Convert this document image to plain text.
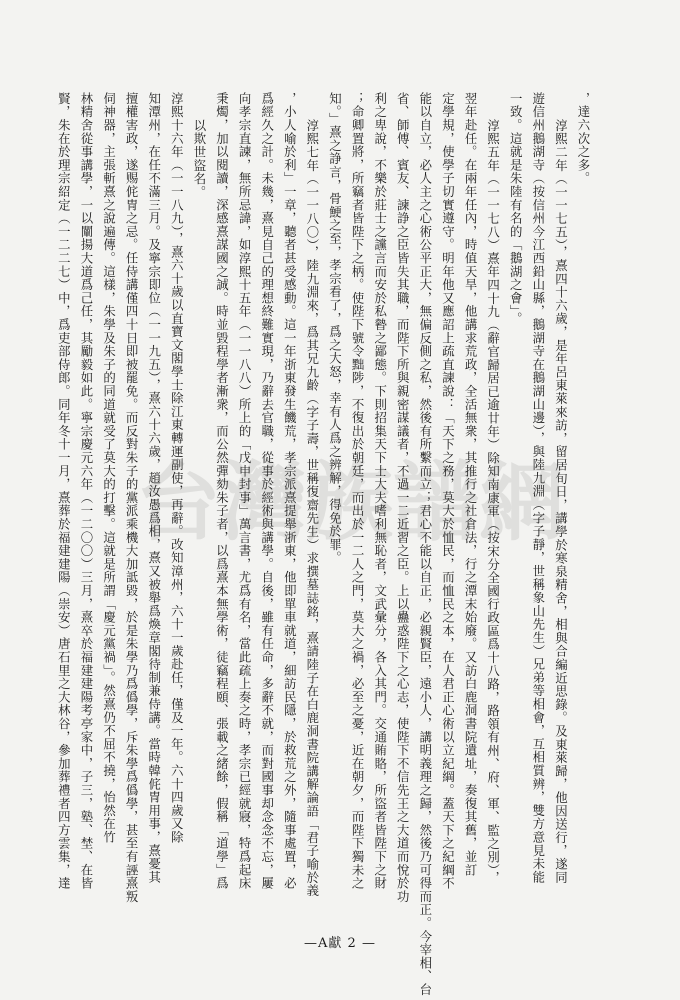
，達六次之多。
淳熙二年（一一七五），熹四十六歲，是年呂東萊來訪，留居旬日，講學於寒泉精舍，相與合編近思錄。及東萊歸，他因送行，遂同
遊信州鵝湖寺（按信州今江西鉛山縣，鵝湖寺在鵝湖山邊），與陸九淵（字子靜，世稱象山先生）兄弟等相會，互相質辨，雙方意見未能
一致。這就是朱陸有名的「鵝湖之會」。
淳熙五年（一一七八）熹年四十九（辭官歸居已逾廿年）除知南康軍（按宋分全國行政區爲十八路，路領有州、府、軍、監之別），
翌年赴任。在兩年任內，時值天旱，他講求荒政，全活無衆，其推行之社倉法，行之潭末始廢。又訪白鹿洞書院遺址，奏復其舊，並訂
定學規，使學子切實遵守。明年他又應詔上疏直諫說：「天下之務，莫大於恤民，而恤民之本，在人君正心術以立紀綱。蓋天下之紀綱不
能以自立，必人主之心術公平正大，無偏反側之私，然後有所繫而立；君心不能以自正，必親賢臣，遠小人，講明義理之歸，然後乃可得而正。今宰相、台
省、師傅、賓友、諫諍之臣皆失其職，而陛下所與親密謀議者，不過一二近習之臣。上以蠱惑陛下之心志，使陛下不信先王之大道而悅於功
利之卑說，不樂於莊士之讜言而安於私暬之鄙態。下則招集天下士大夫嗜利無恥者，文武彙分，各入其門。交通賄賂，所盜者皆陛下之財
；命卿置將，所竊者皆陛下之柄。使陛下號令黜陟，不復出於朝廷，而出於一二人之門，莫大之禍，必至之憂，近在朝夕，而陛下獨未之
知。」熹之諍言，骨鯁之至，孝宗看了，爲之大怒，幸有人爲之辨解，得免於罪。
淳熙七年（一一八〇），陸九淵來，爲其兄九齡（字子壽，世稱復齋先生）求撰墓誌銘，熹請陸子在白鹿洞書院講解論語「君子喻於義
，小人喻於利」一章，聽者甚受感動。這一年浙東發生饑荒，孝宗派熹提舉浙東，他即單車就道，細訪民隱，於救荒之外，隨事處置，必
爲經久之計。未幾，熹見自己的理想終難實現，乃辭去官職，從事於經術與講學。自後，雖有任命，多辭不就，而對國事却念念不忘，屢
向孝宗直諫，無所忌諱，如淳熙十五年（一一八八）所上的「戊申封事」萬言書，尤爲有名，當此疏上奏之時，孝宗已經就寢，特爲起床
秉燭，加以閱讀，深感熹謀國之誠。時並毀程學者漸衆，而公然彈劾朱子者，以爲熹本無學術，徒竊程頤、張載之緒餘，假稱「道學」爲
以欺世盜名。
淳熙十六年（一一八九），熹六十歲以直寶文閣學士除江東轉運副使，再辭。改知漳州，六十一歲赴任，僅及一年。六十四歲又除
知潭州，在任不滿三月。及寧宗即位（一一九五），熹六十六歲，趙汝愚爲相，熹又被舉爲煥章閣待制兼侍講。當時韓侂冑用事，熹憂其
擅權害政，遂赐侂冑之忌。任侍講僅四十日即被罷免。而反對朱子的黨派乘機大加詆毀，於是朱學乃爲僞學，斥朱學爲僞學，甚至有誣熹叛
伺神器，主張斬熹之說遍傳。這樣，朱學及朱子的同道就受了莫大的打擊。這就是所謂「慶元黨禍」。然熹仍不屈不撓，怡然在竹
林精舍從事講學，一以闡揚大道爲己任，其勵毅如此。寧宗慶元六年（一二〇〇）三月，熹卒於福建建陽考亭家中，子三，塾、埜、在皆
賢，朱在於理宗紹定（一二二七）中，爲吏部侍郎。同年冬十一月，熹葬於福建建陽（崇安）唐石里之大林谷，參加葬禮者四方雲集，達 台灣族譜網
—A獻 2 —
